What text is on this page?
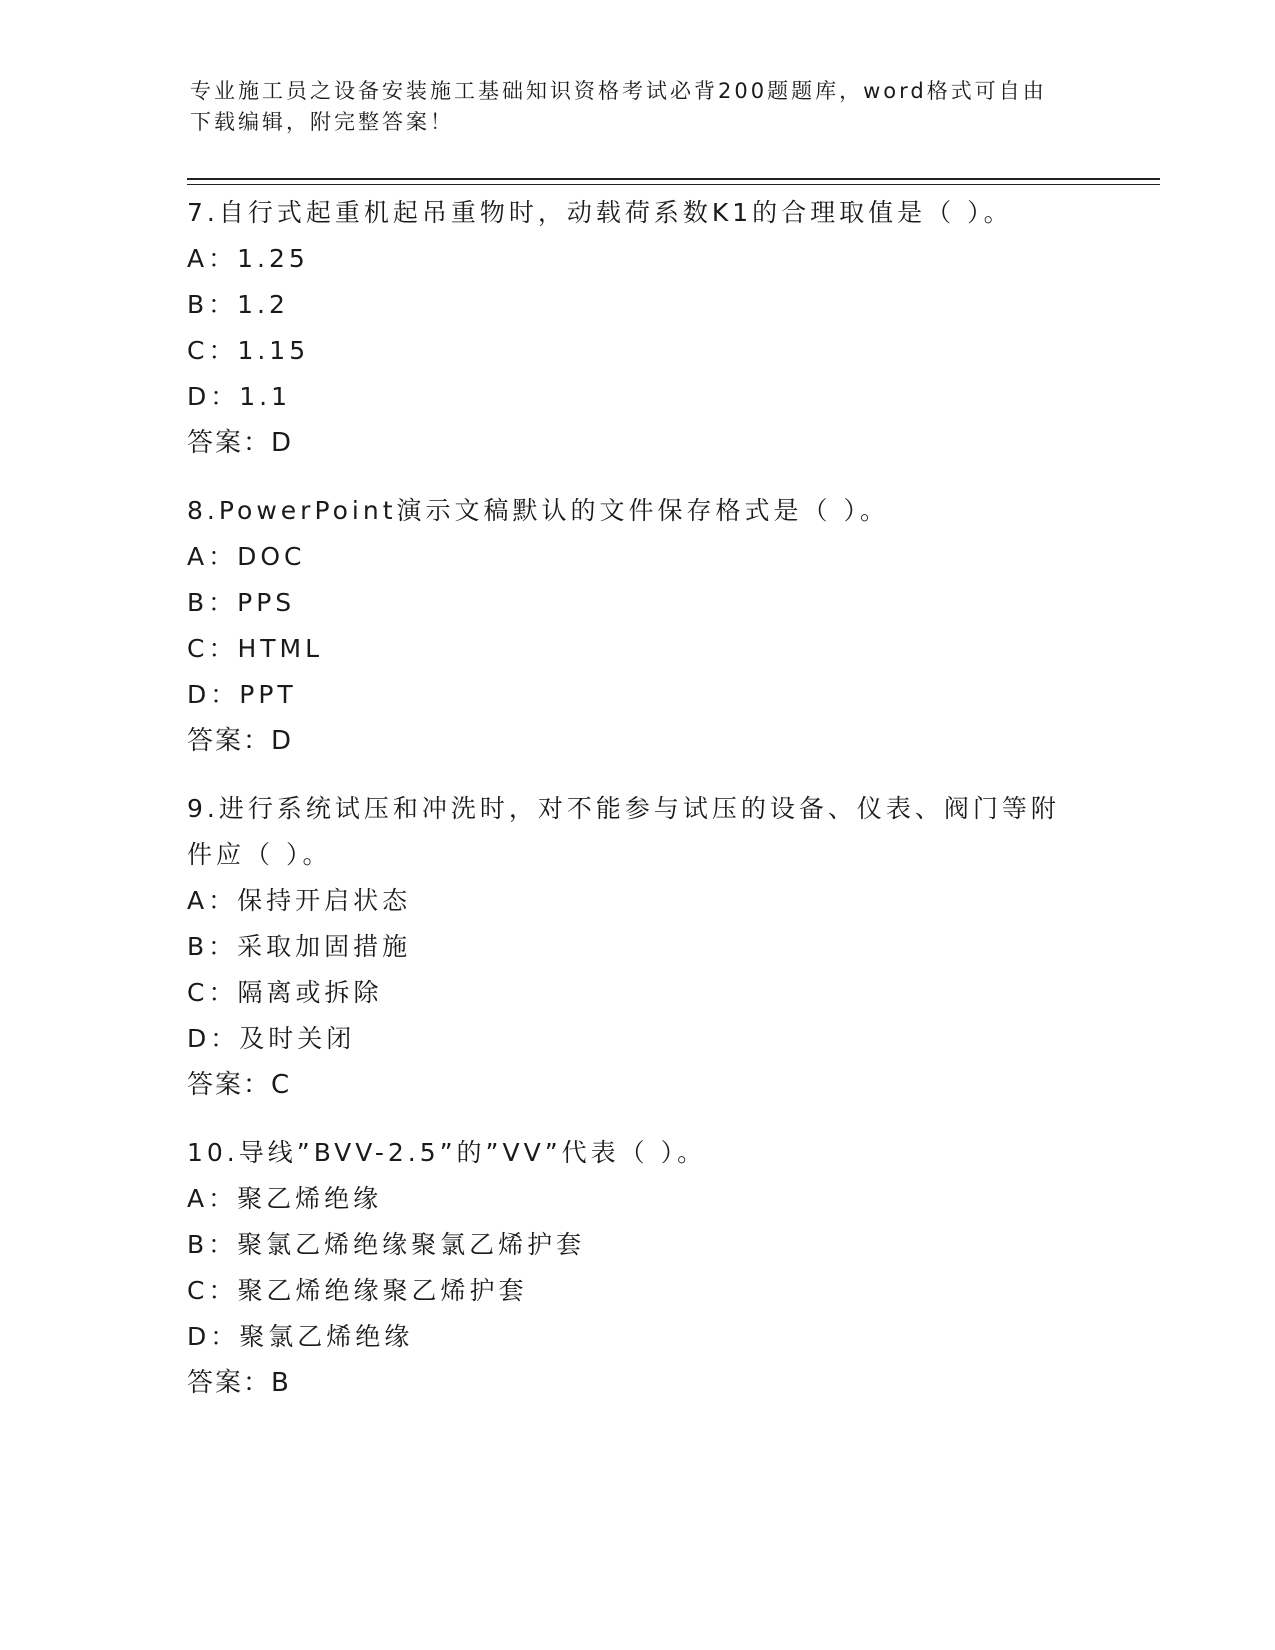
专业施工员之设备安装施工基础知识资格考试必背200题题库，word格式可自由
下载编辑，附完整答案！

7.自行式起重机起吊重物时，动载荷系数K1的合理取值是（ ）。

A：1.25

B：1.2

C：1.15

D：1.1

答案：D

8.PowerPoint演示文稿默认的文件保存格式是（ ）。

A：DOC

B：PPS

C：HTML

D：PPT

答案：D

9.进行系统试压和冲洗时，对不能参与试压的设备、仪表、阀门等附件应（ ）。

A：保持开启状态

B：采取加固措施

C：隔离或拆除

D：及时关闭

答案：C

10.导线”BVV-2.5”的”VV”代表（ ）。

A：聚乙烯绝缘

B：聚氯乙烯绝缘聚氯乙烯护套

C：聚乙烯绝缘聚乙烯护套

D：聚氯乙烯绝缘

答案：B
